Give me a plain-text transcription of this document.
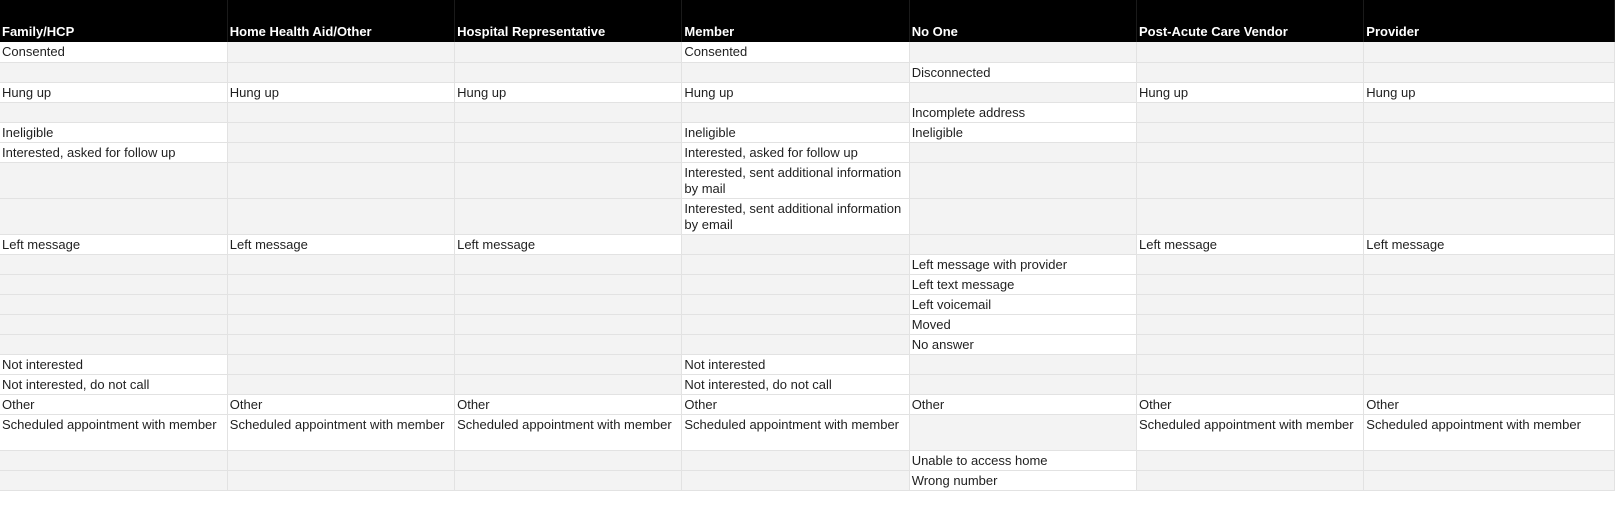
Family/HCP	Home Health Aid/Other	Hospital Representative	Member	No One	Post-Acute Care Vendor	Provider
Consented			Consented			
				Disconnected		
Hung up	Hung up	Hung up	Hung up		Hung up	Hung up
				Incomplete address		
Ineligible			Ineligible	Ineligible		
Interested, asked for follow up			Interested, asked for follow up			
			Interested, sent additional information by mail			
			Interested, sent additional information by email			
Left message	Left message	Left message			Left message	Left message
				Left message with provider		
				Left text message		
				Left voicemail		
				Moved		
				No answer		
Not interested			Not interested			
Not interested, do not call			Not interested, do not call			
Other	Other	Other	Other	Other	Other	Other
Scheduled appointment with member	Scheduled appointment with member	Scheduled appointment with member	Scheduled appointment with member		Scheduled appointment with member	Scheduled appointment with member
				Unable to access home		
				Wrong number		
